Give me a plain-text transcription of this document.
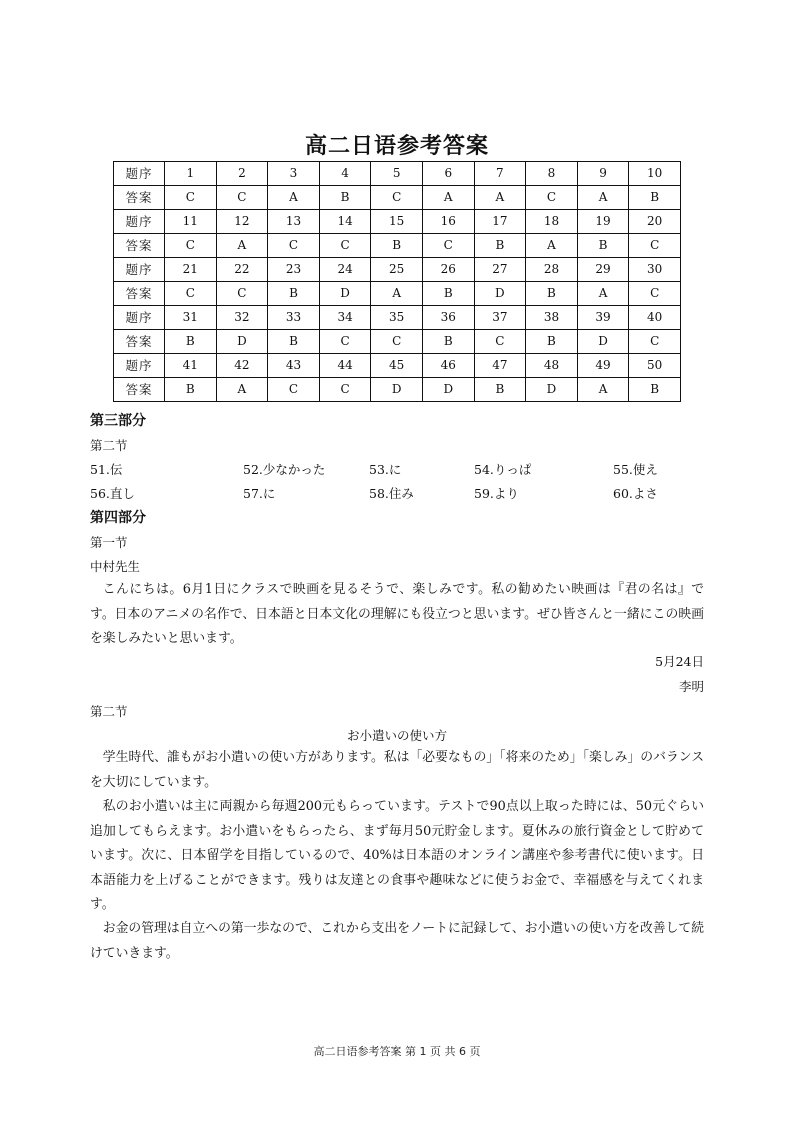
高二日语参考答案
题序	1	2	3	4	5	6	7	8	9	10
答案	C	C	A	B	C	A	A	C	A	B
题序	11	12	13	14	15	16	17	18	19	20
答案	C	A	C	C	B	C	B	A	B	C
题序	21	22	23	24	25	26	27	28	29	30
答案	C	C	B	D	A	B	D	B	A	C
题序	31	32	33	34	35	36	37	38	39	40
答案	B	D	B	C	C	B	C	B	D	C
题序	41	42	43	44	45	46	47	48	49	50
答案	B	A	C	C	D	D	B	D	A	B
第三部分
第二节
51.伝	52.少なかった	53.に	54.りっぱ	55.使え
56.直し	57.に	58.住み	59.より	60.よさ
第四部分
第一节
中村先生
こんにちは。6月1日にクラスで映画を見るそうで、楽しみです。私の勧めたい映画は『君の名は』です。日本のアニメの名作で、日本語と日本文化の理解にも役立つと思います。ぜひ皆さんと一緒にこの映画を楽しみたいと思います。
5月24日
李明
第二节
お小遣いの使い方
学生時代、誰もがお小遣いの使い方があります。私は「必要なもの」「将来のため」「楽しみ」のバランスを大切にしています。
私のお小遣いは主に両親から毎週200元もらっています。テストで90点以上取った時には、50元ぐらい追加してもらえます。お小遣いをもらったら、まず毎月50元貯金します。夏休みの旅行資金として貯めています。次に、日本留学を目指しているので、40%は日本語のオンライン講座や参考書代に使います。日本語能力を上げることができます。残りは友達との食事や趣味などに使うお金で、幸福感を与えてくれます。
お金の管理は自立への第一歩なので、これから支出をノートに記録して、お小遣いの使い方を改善して続けていきます。
高二日语参考答案 第 1 页 共 6 页
